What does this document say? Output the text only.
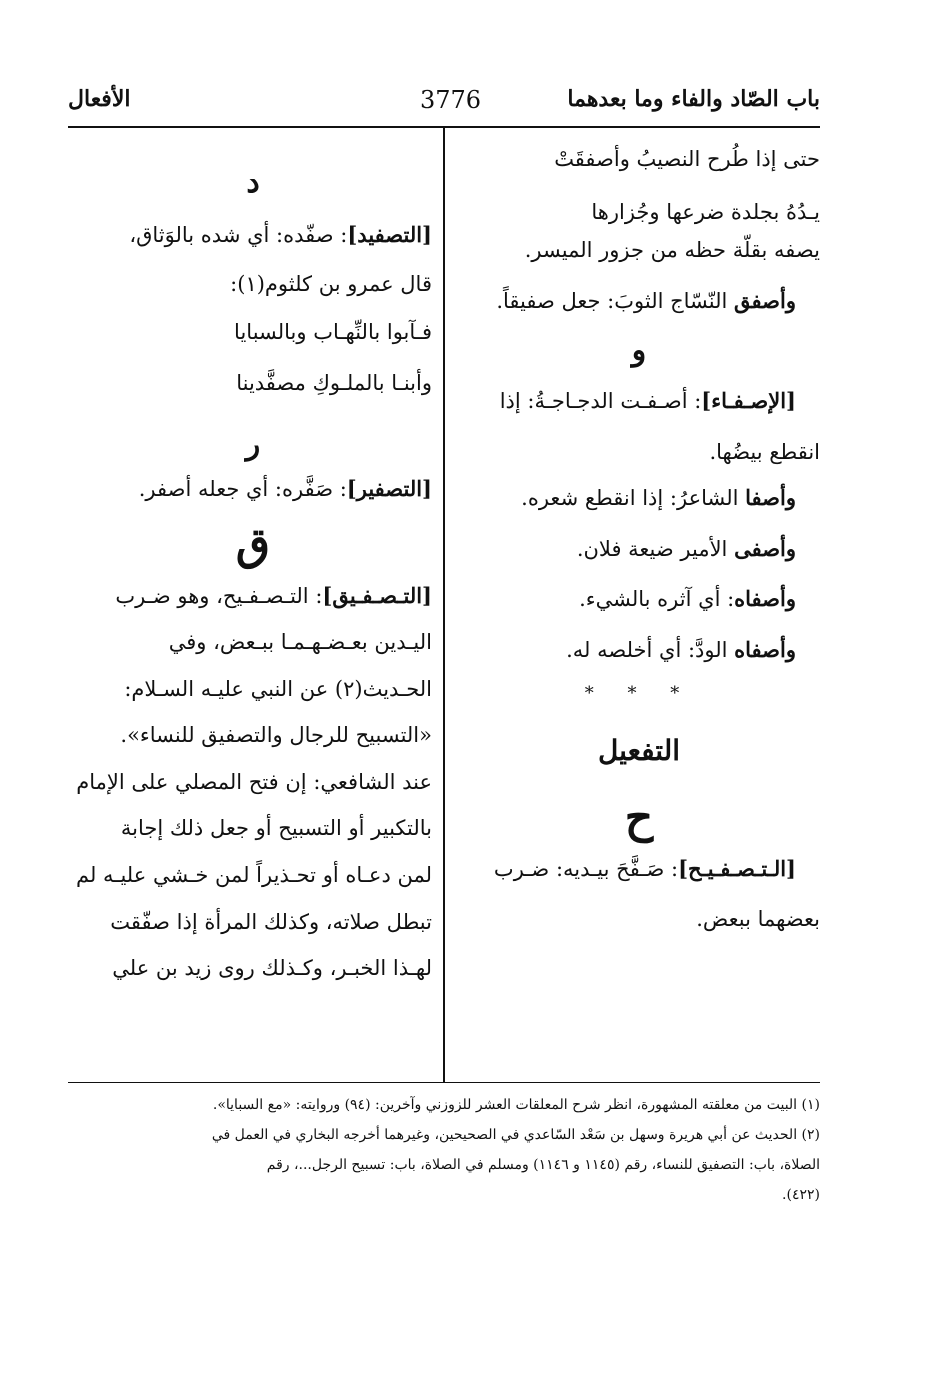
باب الصّاد والفاء وما بعدهما
3776
الأفعال

حتى إذا طُرح النصيبُ وأصفقَتْ

يـدُهُ بجلدة ضرعها وجُزارها

يصفه بقلّة حظه من جزور الميسر.

وأصفق النّسّاج الثوبَ: جعل صفيقاً.

و

[الإصـفـاء]: أصـفـت الدجـاجـةُ: إذا

انقطع بيضُها.

وأصفا الشاعرُ: إذا انقطع شعره.

وأصفى الأمير ضيعة فلان.

وأصفاه: أي آثره بالشيء.

وأصفاه الودَّ: أي أخلصه له.

* * *
التفعيل
ح

[الـتـصـفـيـح]: صَـفَّحَ بيـديه: ضـرب

بعضهما ببعض.

د

[التصفيد]: صفّده: أي شده بالوَثاق،

قال عمرو بن كلثوم(١):

فـآبوا بالنِّهـاب وبالسبايا

وأبنـا بالملـوكِ مصفَّدينا

ر

[التصفير]: صَفَّره: أي جعله أصفر.

ق

[التـصـفـيق]: التـصـفـيح، وهو ضـرب

اليـدين بعـضـهـمـا ببـعض، وفي

الحـديث(٢) عن النبي عليـه السـلام:

«التسبيح للرجال والتصفيق للنساء».

عند الشافعي: إن فتح المصلي على الإمام

بالتكبير أو التسبيح أو جعل ذلك إجابة

لمن دعـاه أو تحـذيراً لمن خـشي عليـه لم

تبطل صلاته، وكذلك المرأة إذا صفّقت

لهـذا الخبـر، وكـذلك روى زيد بن علي

(١) البيت من معلقته المشهورة، انظر شرح المعلقات العشر للزوزني وآخرين: (٩٤) وروايته: «مع السبايا».

(٢) الحديث عن أبي هريرة وسهل بن سَعْد السّاعدي في الصحيحين، وغيرهما أخرجه البخاري في العمل في

الصلاة، باب: التصفيق للنساء، رقم (١١٤٥ و ١١٤٦) ومسلم في الصلاة، باب: تسبيح الرجل...، رقم

(٤٢٢).
